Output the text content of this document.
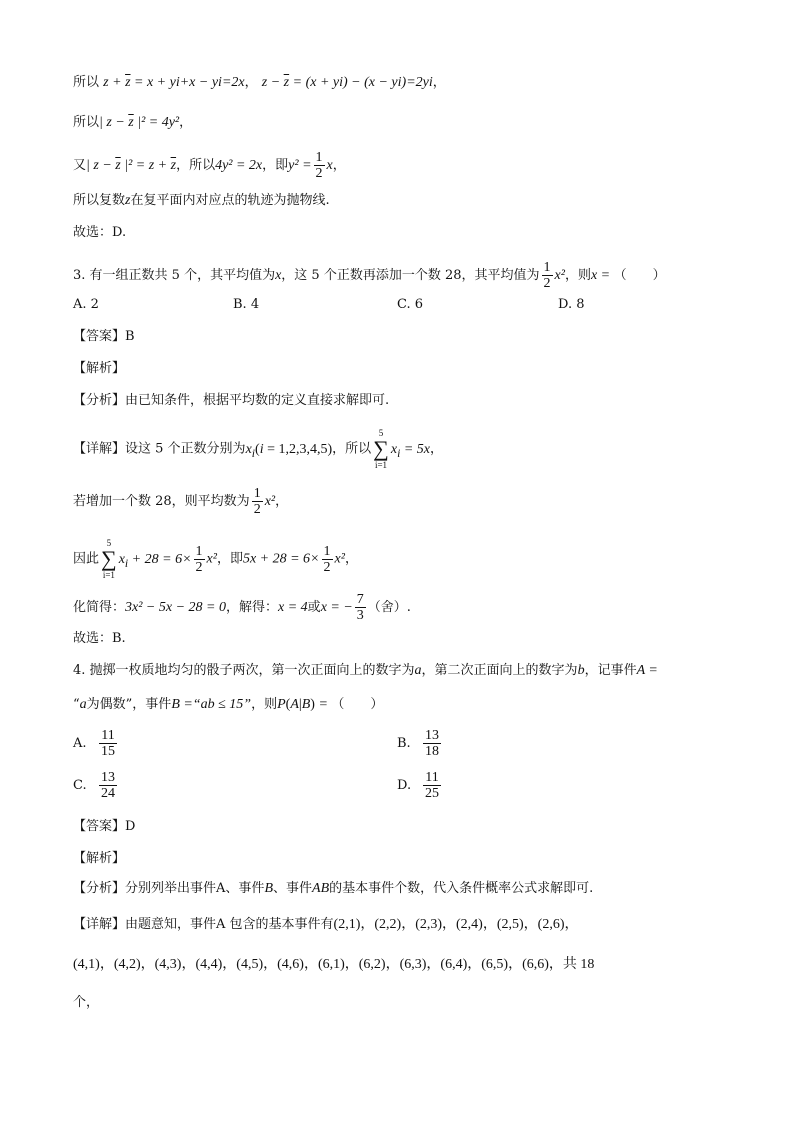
所以 $z + \overline{z} = x + yi+x - yi=2x$， $z - \overline{z} = (x + yi) - (x - yi)=2yi$，
所以| $z - \overline{z}$ |² = 4y²，
又| $z - \overline{z}$ $|^2 = z + \overline{z}$，所以4y² = 2x，即$y^2 = \frac{1}{2}$ x，
所以复数z在复平面内对应点的轨迹为抛物线.
故选：D.
3. 有一组正数共 5 个，其平均值为x，这 5 个正数再添加一个数 28，其平均值为 $\frac{1}{2} x^2$，则x = （　　）
A. 2	B. 4	C. 6	D. 8
【答案】B
【解析】
【分析】由已知条件，根据平均数的定义直接求解即可.
【详解】设这 5 个正数分别为$x_i(i = 1,2,3,4,5)$，所以
5
∑
i=1
$x_i = 5x$，
若增加一个数 28，则平均数为 $\frac{1}{2} x^2$，
因此
5
∑
i=1
$x_i + 28 = 6\times \frac{1}{2} x^2$，即$5x + 28 = 6\times \frac{1}{2} x^2$，
化简得：3x² − 5x − 28 = 0，解得：x = 4或x = − $\frac{7}{3}$ （舍）.
故选：B.
4. 抛掷一枚质地均匀的骰子两次，第一次正面向上的数字为a，第二次正面向上的数字为b，记事件A =
“a为偶数”，事件B =“ab ≤ 15”，则P(A|B) = （　　）
A. $\frac{11}{15}$	B. $\frac{13}{18}$
C. $\frac{13}{24}$	D. $\frac{11}{25}$
【答案】D
【解析】
【分析】分别列举出事件A、事件B、事件AB的基本事件个数，代入条件概率公式求解即可.
【详解】由题意知，事件A 包含的基本事件有(2,1)，(2,2)，(2,3)，(2,4)，(2,5)，(2,6)，
(4,1)，(4,2)，(4,3)，(4,4)，(4,5)，(4,6)，(6,1)，(6,2)，(6,3)，(6,4)，(6,5)，(6,6)，共 18
个，
